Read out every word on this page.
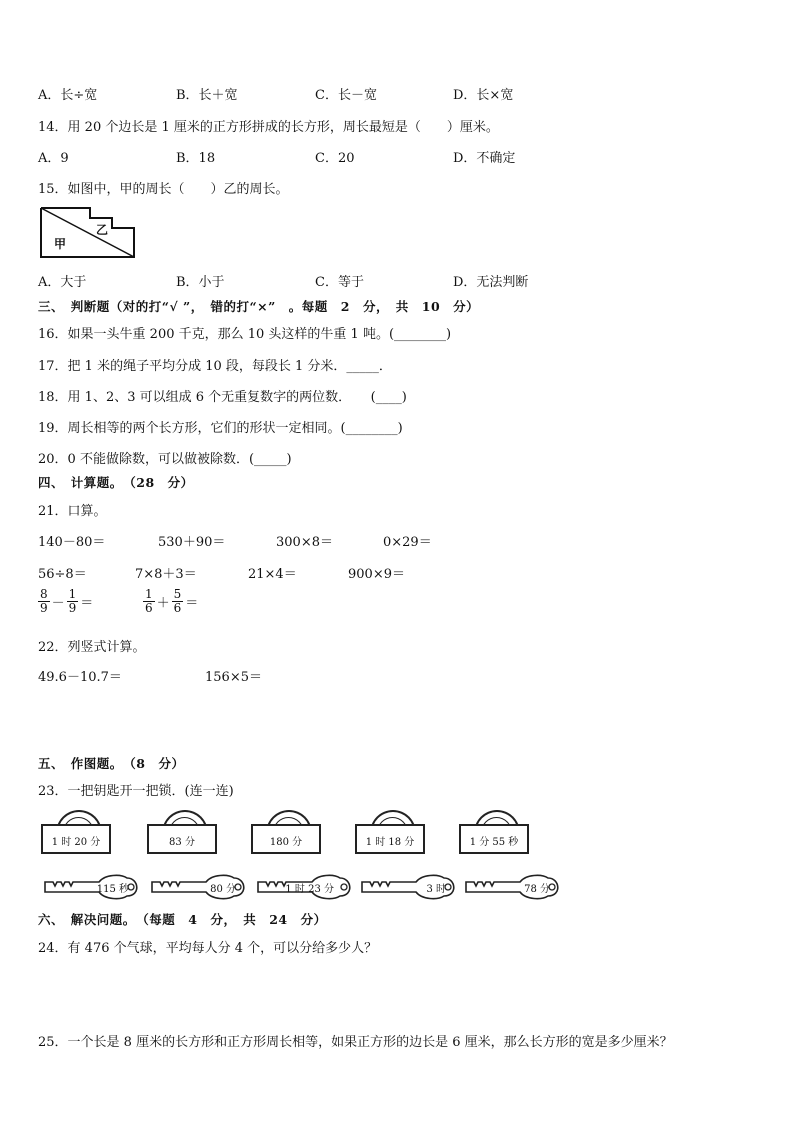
A．长÷宽	B．长＋宽	C．长－宽	D．长×宽
14．用 20 个边长是 1 厘米的正方形拼成的长方形，周长最短是（　　）厘米。
A．9	B．18	C．20	D．不确定
15．如图中，甲的周长（　　）乙的周长。
甲
乙
A．大于	B．小于	C．等于	D．无法判断
三、　判断题（对的打“√ ”，　错的打“×”　。每题　2　分，　共　10　分）
16．如果一头牛重 200 千克，那么 10 头这样的牛重 1 吨。(________)
17．把 1 米的绳子平均分成 10 段，每段长 1 分米．_____．
18．用 1、2、3 可以组成 6 个无重复数字的两位数．　　(____)
19．周长相等的两个长方形，它们的形状一定相同。(________)
20．0 不能做除数，可以做被除数．(_____)
四、　计算题。　（28　分）
21．口算。
140－80＝	530＋90＝	300×8＝	0×29＝
56÷8＝	7×8＋3＝	21×4＝	900×9＝
$\frac{8}{9} - \frac{1}{9}$ ＝	$\frac{1}{6} + \frac{5}{6}$ ＝
22．列竖式计算。
49.6－10.7＝	156×5＝
五、　作图题。　（8　分）
23．一把钥匙开一把锁．(连一连)
1 时 20 分	83 分	180 分	1 时 18 分	1 分 55 秒
115 秒	80 分	1 时 23 分	3 时	78 分
六、　解决问题。　（每题　4　分，　共　24　分）
24．有 476 个气球，平均每人分 4 个，可以分给多少人？
25．一个长是 8 厘米的长方形和正方形周长相等，如果正方形的边长是 6 厘米，那么长方形的宽是多少厘米？
